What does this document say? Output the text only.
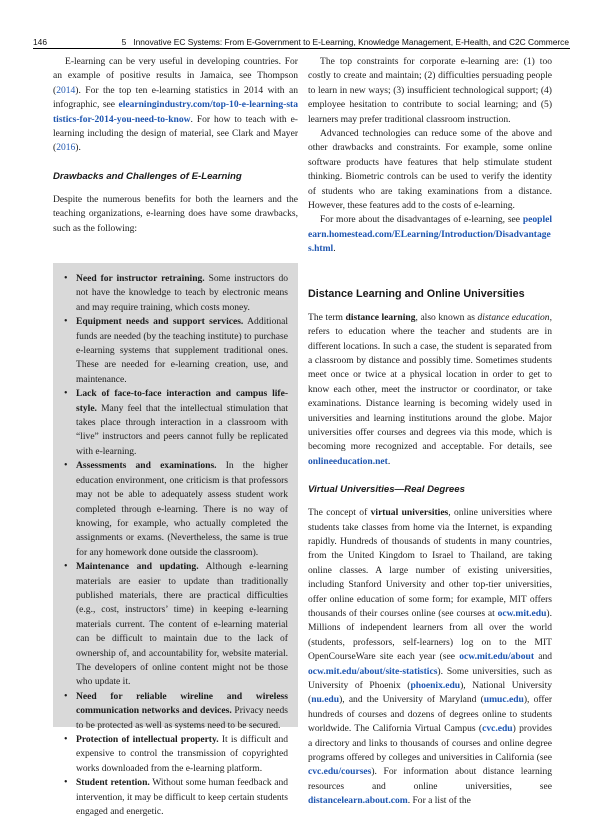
146	5   Innovative EC Systems: From E-Government to E-Learning, Knowledge Management, E-Health, and C2C Commerce

E-learning can be very useful in developing countries. For an example of positive results in Jamaica, see Thompson (2014). For the top ten e-learning statistics in 2014 with an infographic, see elearningindustry.com/top-10-e-learning-statistics-for-2014-you-need-to-know. For how to teach with e-learning including the design of material, see Clark and Mayer (2016).

Drawbacks and Challenges of E-Learning

Despite the numerous benefits for both the learners and the teaching organizations, e-learning does have some drawbacks, such as the following:

• Need for instructor retraining. Some instructors do not have the knowledge to teach by electronic means and may require training, which costs money.
• Equipment needs and support services. Additional funds are needed (by the teaching institute) to purchase e-learning systems that supplement traditional ones. These are needed for e-learning creation, use, and maintenance.
• Lack of face-to-face interaction and campus life-style. Many feel that the intellectual stimulation that takes place through interaction in a classroom with “live” instructors and peers cannot fully be replicated with e-learning.
• Assessments and examinations. In the higher education environment, one criticism is that professors may not be able to adequately assess student work completed through e-learning. There is no way of knowing, for example, who actually completed the assignments or exams. (Nevertheless, the same is true for any homework done outside the classroom).
• Maintenance and updating. Although e-learning materials are easier to update than traditionally published materials, there are practical difficulties (e.g., cost, instructors’ time) in keeping e-learning materials current. The content of e-learning material can be difficult to maintain due to the lack of ownership of, and accountability for, website material. The developers of online content might not be those who update it.
• Need for reliable wireline and wireless communication networks and devices. Privacy needs to be protected as well as systems need to be secured.
• Protection of intellectual property. It is difficult and expensive to control the transmission of copyrighted works downloaded from the e-learning platform.
• Student retention. Without some human feedback and intervention, it may be difficult to keep certain students engaged and energetic.

The top constraints for corporate e-learning are: (1) too costly to create and maintain; (2) difficulties persuading people to learn in new ways; (3) insufficient technological support; (4) employee hesitation to contribute to social learning; and (5) learners may prefer traditional classroom instruction.

Advanced technologies can reduce some of the above and other drawbacks and constraints. For example, some online software products have features that help stimulate student thinking. Biometric controls can be used to verify the identity of students who are taking examinations from a distance. However, these features add to the costs of e-learning.

For more about the disadvantages of e-learning, see peoplelearn.homestead.com/ELearning/Introduction/Disadvantages.html.

Distance Learning and Online Universities

The term distance learning, also known as distance education, refers to education where the teacher and students are in different locations. In such a case, the student is separated from a classroom by distance and possibly time. Sometimes students meet once or twice at a physical location in order to get to know each other, meet the instructor or coordinator, or take examinations. Distance learning is becoming widely used in universities and learning institutions around the globe. Major universities offer courses and degrees via this mode, which is becoming more recognized and acceptable. For details, see onlineeducation.net.

Virtual Universities—Real Degrees

The concept of virtual universities, online universities where students take classes from home via the Internet, is expanding rapidly. Hundreds of thousands of students in many countries, from the United Kingdom to Israel to Thailand, are taking online classes. A large number of existing universities, including Stanford University and other top-tier universities, offer online education of some form; for example, MIT offers thousands of their courses online (see courses at ocw.mit.edu). Millions of independent learners from all over the world (students, professors, self-learners) log on to the MIT OpenCourseWare site each year (see ocw.mit.edu/about and ocw.mit.edu/about/site-statistics). Some universities, such as University of Phoenix (phoenix.edu), National University (nu.edu), and the University of Maryland (umuc.edu), offer hundreds of courses and dozens of degrees online to students worldwide. The California Virtual Campus (cvc.edu) provides a directory and links to thousands of courses and online degree programs offered by colleges and universities in California (see cvc.edu/courses). For information about distance learning resources and online universities, see distancelearn.about.com. For a list of the
